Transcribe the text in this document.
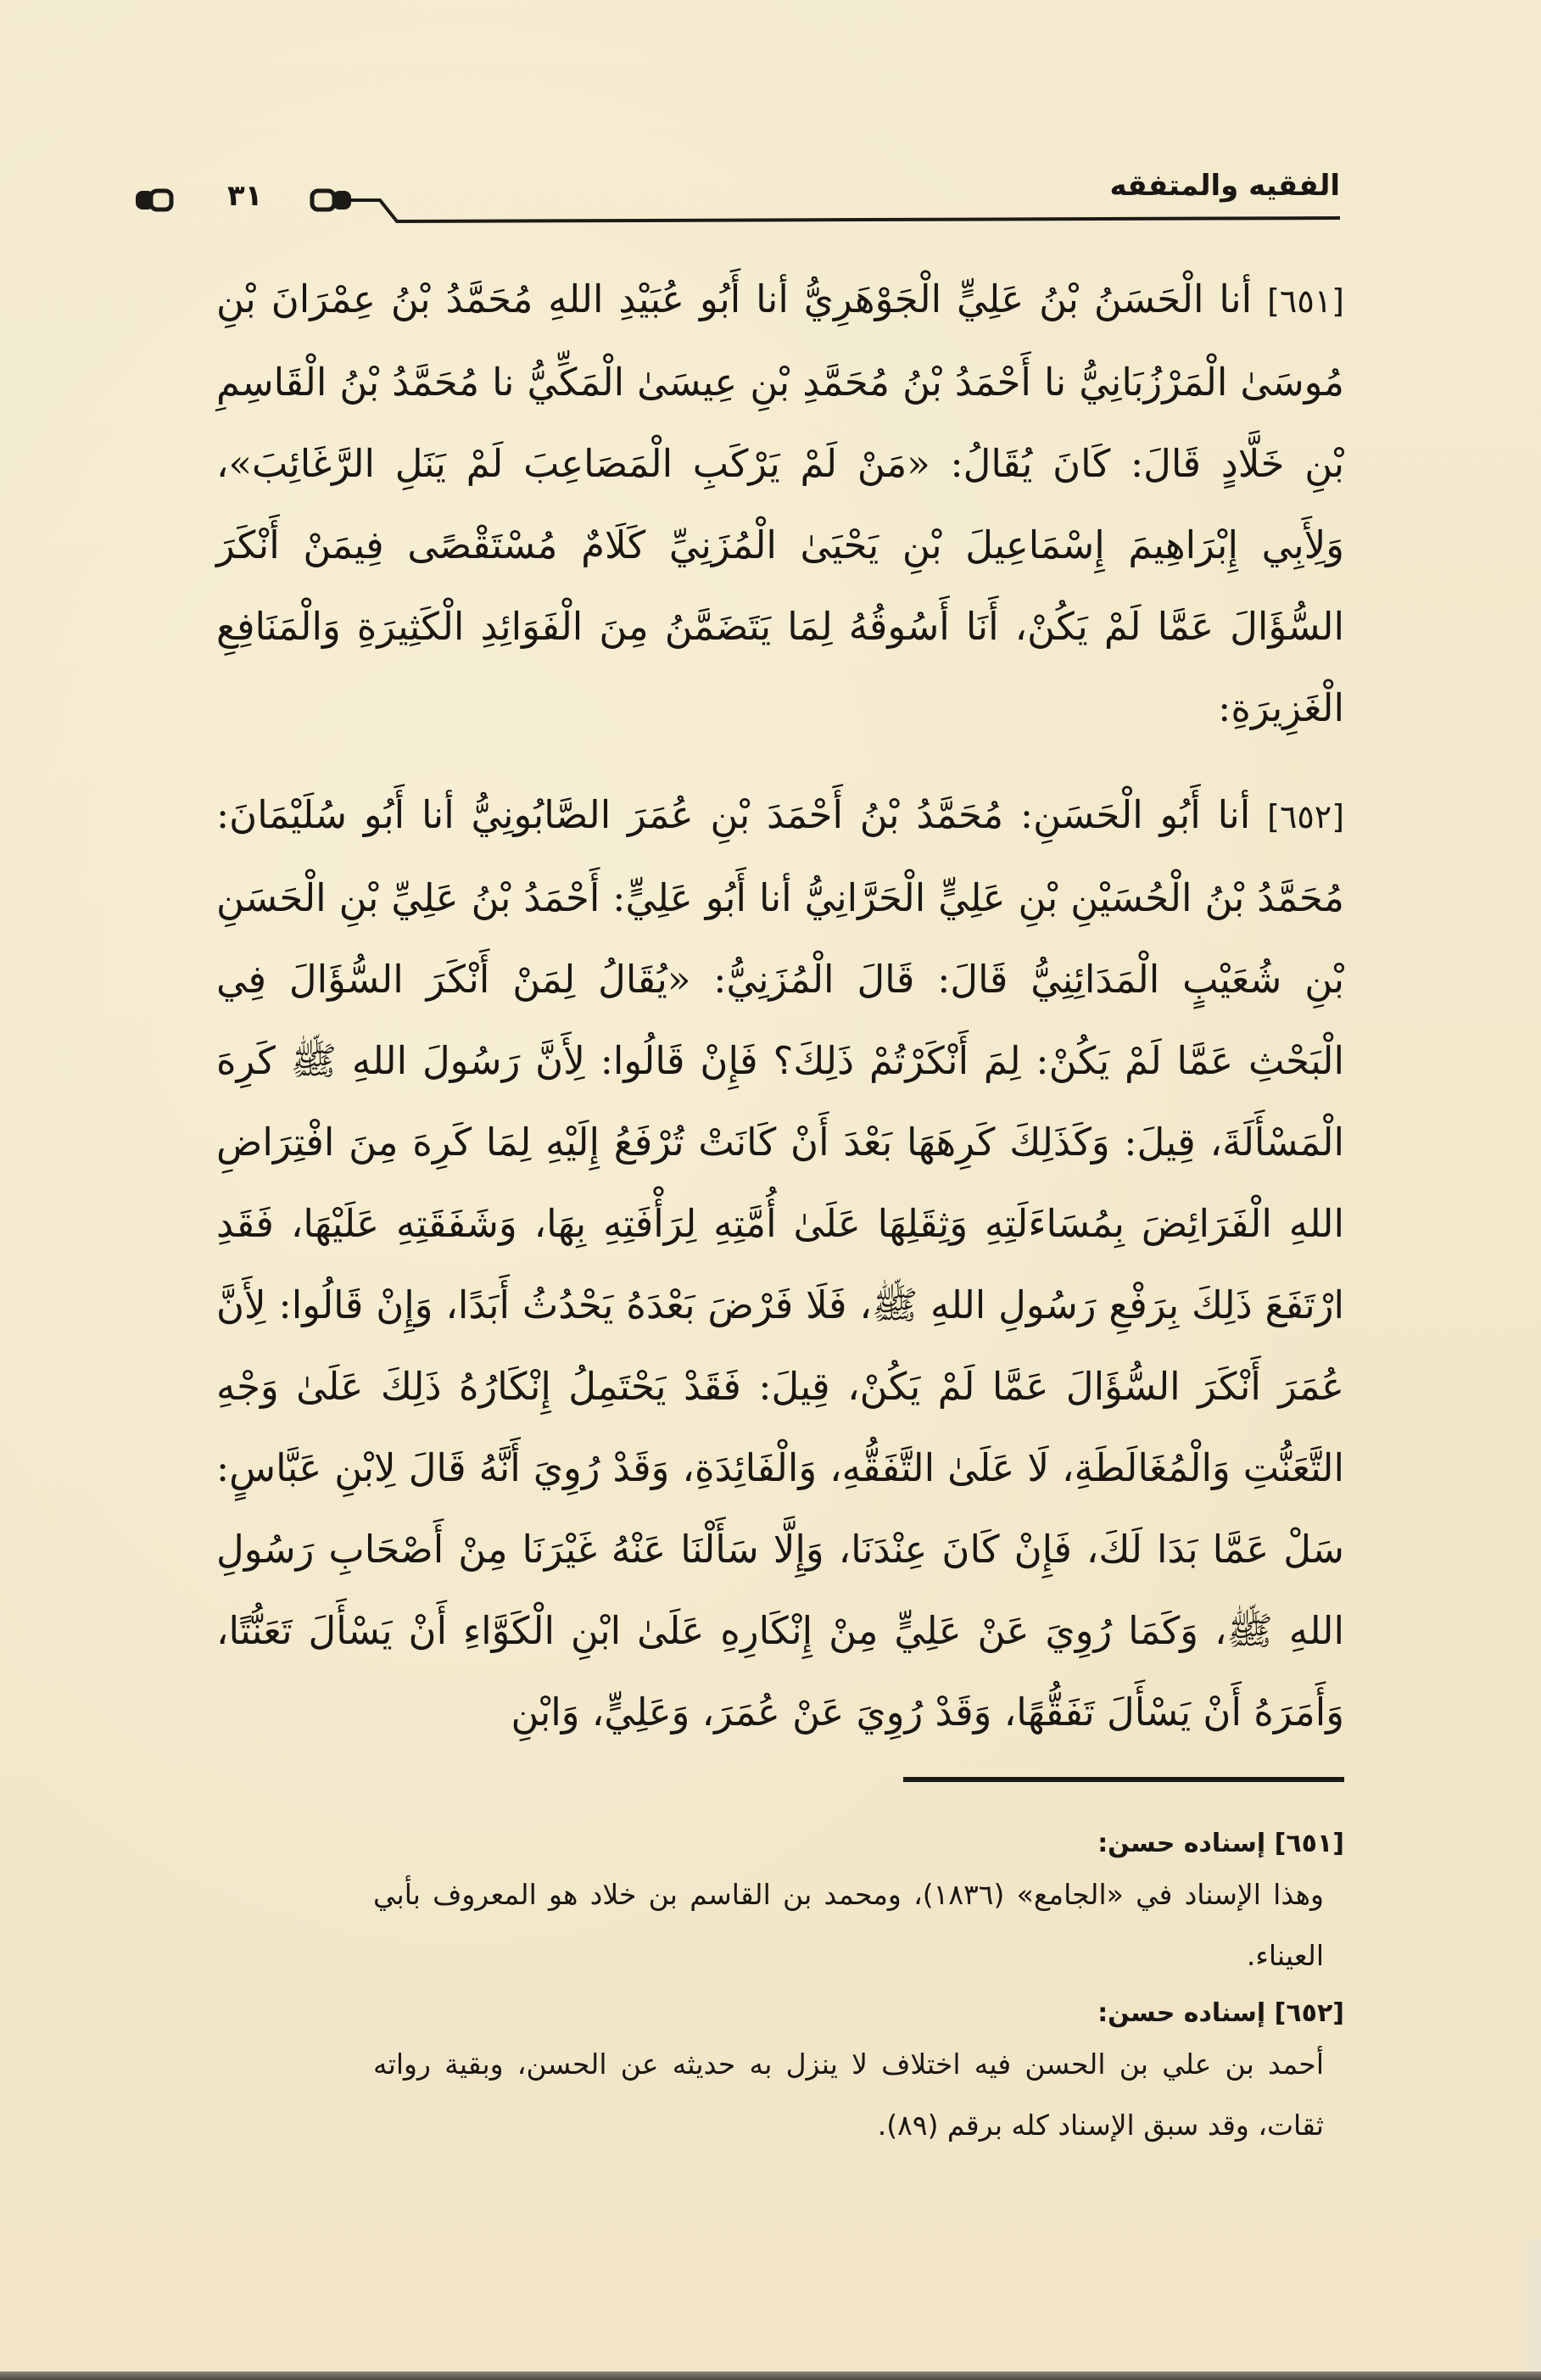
٣١	الفقيه والمتفقه

[٦٥١] أنا الْحَسَنُ بْنُ عَلِيٍّ الْجَوْهَرِيُّ أنا أَبُو عُبَيْدِ اللهِ مُحَمَّدُ بْنُ عِمْرَانَ بْنِ مُوسَىٰ الْمَرْزُبَانِيُّ نا أَحْمَدُ بْنُ مُحَمَّدِ بْنِ عِيسَىٰ الْمَكِّيُّ نا مُحَمَّدُ بْنُ الْقَاسِمِ بْنِ خَلَّادٍ قَالَ: كَانَ يُقَالُ: «مَنْ لَمْ يَرْكَبِ الْمَصَاعِبَ لَمْ يَنَلِ الرَّغَائِبَ»، وَلِأَبِي إِبْرَاهِيمَ إِسْمَاعِيلَ بْنِ يَحْيَىٰ الْمُزَنِيِّ كَلَامٌ مُسْتَقْصًى فِيمَنْ أَنْكَرَ السُّؤَالَ عَمَّا لَمْ يَكُنْ، أَنَا أَسُوقُهُ لِمَا يَتَضَمَّنُ مِنَ الْفَوَائِدِ الْكَثِيرَةِ وَالْمَنَافِعِ الْغَزِيرَةِ:

[٦٥٢] أنا أَبُو الْحَسَنِ: مُحَمَّدُ بْنُ أَحْمَدَ بْنِ عُمَرَ الصَّابُونِيُّ أنا أَبُو سُلَيْمَانَ: مُحَمَّدُ بْنُ الْحُسَيْنِ بْنِ عَلِيٍّ الْحَرَّانِيُّ أنا أَبُو عَلِيٍّ: أَحْمَدُ بْنُ عَلِيِّ بْنِ الْحَسَنِ بْنِ شُعَيْبٍ الْمَدَائِنِيُّ قَالَ: قَالَ الْمُزَنِيُّ: «يُقَالُ لِمَنْ أَنْكَرَ السُّؤَالَ فِي الْبَحْثِ عَمَّا لَمْ يَكُنْ: لِمَ أَنْكَرْتُمْ ذَلِكَ؟ فَإِنْ قَالُوا: لِأَنَّ رَسُولَ اللهِ ﷺ كَرِهَ الْمَسْأَلَةَ، قِيلَ: وَكَذَلِكَ كَرِهَهَا بَعْدَ أَنْ كَانَتْ تُرْفَعُ إِلَيْهِ لِمَا كَرِهَ مِنَ افْتِرَاضِ اللهِ الْفَرَائِضَ بِمُسَاءَلَتِهِ وَثِقَلِهَا عَلَىٰ أُمَّتِهِ لِرَأْفَتِهِ بِهَا، وَشَفَقَتِهِ عَلَيْهَا، فَقَدِ ارْتَفَعَ ذَلِكَ بِرَفْعِ رَسُولِ اللهِ ﷺ، فَلَا فَرْضَ بَعْدَهُ يَحْدُثُ أَبَدًا، وَإِنْ قَالُوا: لِأَنَّ عُمَرَ أَنْكَرَ السُّؤَالَ عَمَّا لَمْ يَكُنْ، قِيلَ: فَقَدْ يَحْتَمِلُ إِنْكَارُهُ ذَلِكَ عَلَىٰ وَجْهِ التَّعَنُّتِ وَالْمُغَالَطَةِ، لَا عَلَىٰ التَّفَقُّهِ، وَالْفَائِدَةِ، وَقَدْ رُوِيَ أَنَّهُ قَالَ لِابْنِ عَبَّاسٍ: سَلْ عَمَّا بَدَا لَكَ، فَإِنْ كَانَ عِنْدَنَا، وَإِلَّا سَأَلْنَا عَنْهُ غَيْرَنَا مِنْ أَصْحَابِ رَسُولِ اللهِ ﷺ، وَكَمَا رُوِيَ عَنْ عَلِيٍّ مِنْ إِنْكَارِهِ عَلَىٰ ابْنِ الْكَوَّاءِ أَنْ يَسْأَلَ تَعَنُّتًا، وَأَمَرَهُ أَنْ يَسْأَلَ تَفَقُّهًا، وَقَدْ رُوِيَ عَنْ عُمَرَ، وَعَلِيٍّ، وَابْنِ

[٦٥١] إسناده حسن:

وهذا الإسناد في «الجامع» (١٨٣٦)، ومحمد بن القاسم بن خلاد هو المعروف بأبي العيناء.

[٦٥٢] إسناده حسن:

أحمد بن علي بن الحسن فيه اختلاف لا ينزل به حديثه عن الحسن، وبقية رواته ثقات، وقد سبق الإسناد كله برقم (٨٩).
